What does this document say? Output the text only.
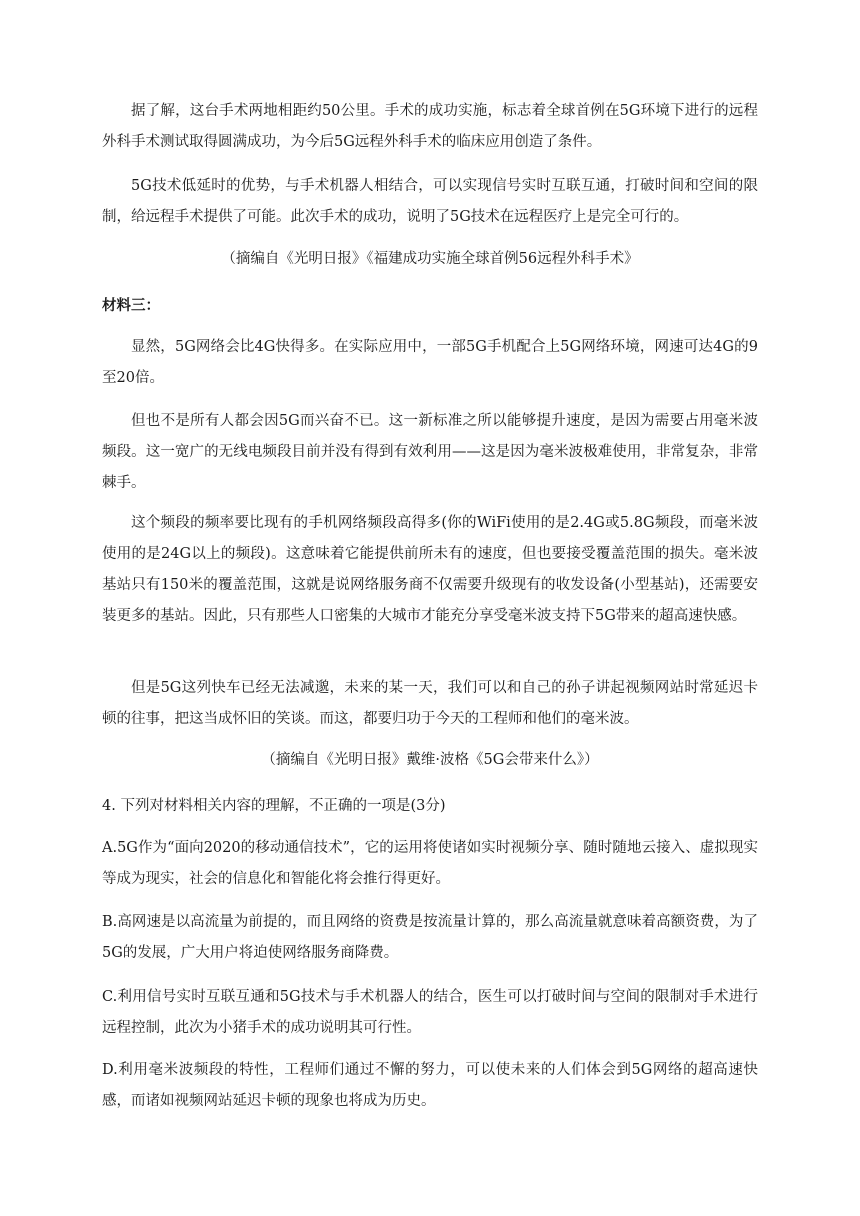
据了解，这台手术两地相距约50公里。手术的成功实施，标志着全球首例在5G环境下进行的远程外科手术测试取得圆满成功，为今后5G远程外科手术的临床应用创造了条件。

5G技术低延时的优势，与手术机器人相结合，可以实现信号实时互联互通，打破时间和空间的限制，给远程手术提供了可能。此次手术的成功，说明了5G技术在远程医疗上是完全可行的。

（摘编自《光明日报》《福建成功实施全球首例56远程外科手术》

材料三：

显然，5G网络会比4G快得多。在实际应用中，一部5G手机配合上5G网络环境，网速可达4G的9至20倍。

但也不是所有人都会因5G而兴奋不已。这一新标准之所以能够提升速度，是因为需要占用毫米波频段。这一宽广的无线电频段目前并没有得到有效利用——这是因为毫米波极难使用，非常复杂，非常棘手。

这个频段的频率要比现有的手机网络频段高得多(你的WiFi使用的是2.4G或5.8G频段，而毫米波使用的是24G以上的频段)。这意味着它能提供前所未有的速度，但也要接受覆盖范围的损失。毫米波基站只有150米的覆盖范围，这就是说网络服务商不仅需要升级现有的收发设备(小型基站)，还需要安装更多的基站。因此，只有那些人口密集的大城市才能充分享受毫米波支持下5G带来的超高速快感。

但是5G这列快车已经无法减邈，未来的某一天，我们可以和自己的孙子讲起视频网站时常延迟卡顿的往事，把这当成怀旧的笑谈。而这，都要归功于今天的工程师和他们的毫米波。

（摘编自《光明日报》戴维·波格《5G会带来什么》）

4. 下列对材料相关内容的理解，不正确的一项是(3分)

A.5G作为“面向2020的移动通信技术”，它的运用将使诸如实时视频分享、随时随地云接入、虚拟现实等成为现实，社会的信息化和智能化将会推行得更好。

B.高网速是以高流量为前提的，而且网络的资费是按流量计算的，那么高流量就意味着高额资费，为了5G的发展，广大用户将迫使网络服务商降费。

C.利用信号实时互联互通和5G技术与手术机器人的结合，医生可以打破时间与空间的限制对手术进行远程控制，此次为小猪手术的成功说明其可行性。

D.利用毫米波频段的特性，工程师们通过不懈的努力，可以使未来的人们体会到5G网络的超高速快感，而诸如视频网站延迟卡顿的现象也将成为历史。
